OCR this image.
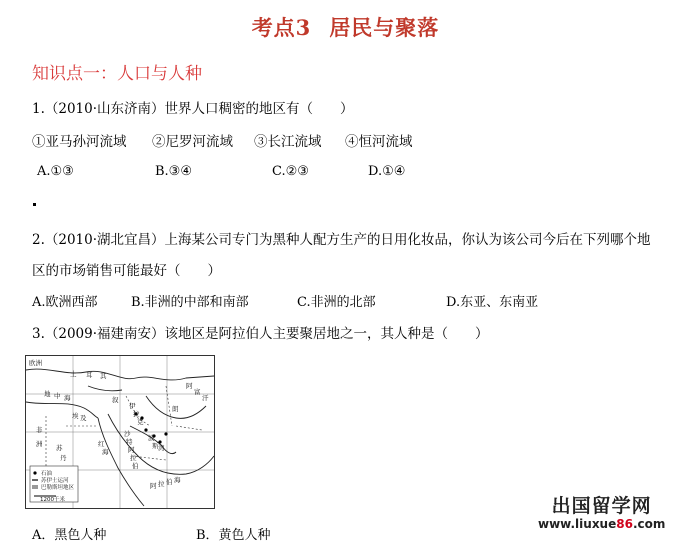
考点3 居民与聚落
知识点一：人口与人种
1.（2010·山东济南）世界人口稠密的地区有（　　）
①亚马孙河流域 ②尼罗河流域 ③长江流域 ④恒河流域
A.①③	B.③④	C.②③	D.①④
2.（2010·湖北宜昌）上海某公司专门为黑种人配方生产的日用化妆品，你认为该公司今后在下列哪个地
区的市场销售可能最好（　　）
A.欧洲西部	B.非洲的中部和南部	C.非洲的北部	D.东亚、东南亚
3.（2009·福建南安）该地区是阿拉伯人主要聚居地之一，其人种是（　　）
欧洲
土 耳 其
地 中 海	叙
伊
拉
克
朗
阿
富
汗
非
洲
埃 及
苏
丹
沙
特
阿
拉
伯
红
海
阿 拉 伯 海
波
斯 湾
石油
苏伊士运河
巴勒斯坦地区
1200千米
A．黑色人种	B．黄色人种
出国留学网
www.liuxue86.com
